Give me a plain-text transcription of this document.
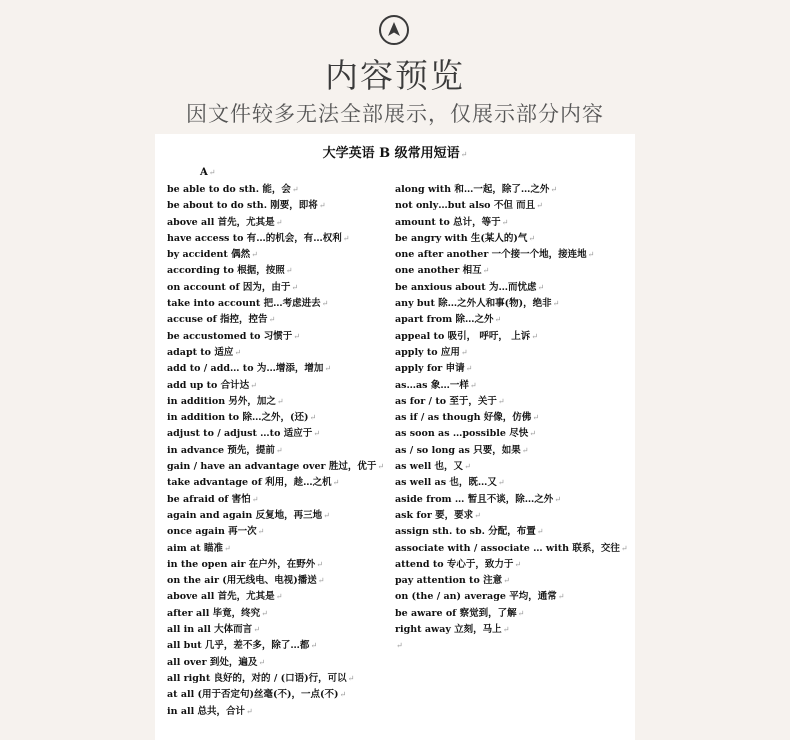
内容预览
因文件较多无法全部展示，仅展示部分内容
大学英语 B 级常用短语↵
A↵
be able to do sth. 能，会↵
be about to do sth. 刚要，即将↵
above all 首先，尤其是↵
have access to 有…的机会，有…权利↵
by accident 偶然↵
according to 根据，按照↵
on account of 因为，由于↵
take into account 把…考虑进去↵
accuse of 指控，控告↵
be accustomed to 习惯于↵
adapt to 适应↵
add to / add… to 为…增添，增加↵
add up to 合计达↵
in addition 另外，加之↵
in addition to 除…之外，(还)↵
adjust to / adjust …to 适应于↵
in advance 预先，提前↵
gain / have an advantage over 胜过，优于↵
take advantage of 利用，趁…之机↵
be afraid of 害怕↵
again and again 反复地，再三地↵
once again 再一次↵
aim at 瞄准↵
in the open air 在户外，在野外↵
on the air (用无线电、电视)播送↵
above all 首先，尤其是↵
after all 毕竟，终究↵
all in all 大体而言↵
all but 几乎，差不多，除了…都↵
all over 到处，遍及↵
all right 良好的，对的 / (口语)行，可以↵
at all (用于否定句)丝毫(不)，一点(不)↵
in all 总共，合计↵
along with 和…一起，除了…之外↵
not only…but also 不但 而且↵
amount to 总计，等于↵
be angry with 生(某人的)气↵
one after another 一个接一个地，接连地↵
one another 相互↵
be anxious about 为…而忧虑↵
any but 除…之外人和事(物)，绝非↵
apart from 除…之外↵
appeal to 吸引， 呼吁， 上诉↵
apply to 应用↵
apply for 申请↵
as…as 象…一样↵
as for / to 至于，关于↵
as if / as though 好像，仿佛↵
as soon as …possible 尽快↵
as / so long as 只要，如果↵
as well 也，又↵
as well as 也，既…又↵
aside from … 暂且不谈，除…之外↵
ask for 要，要求↵
assign sth. to sb. 分配，布置↵
associate with / associate … with 联系，交往↵
attend to 专心于，致力于↵
pay attention to 注意↵
on (the / an) average 平均，通常↵
be aware of 察觉到，了解↵
right away 立刻，马上↵
↵
